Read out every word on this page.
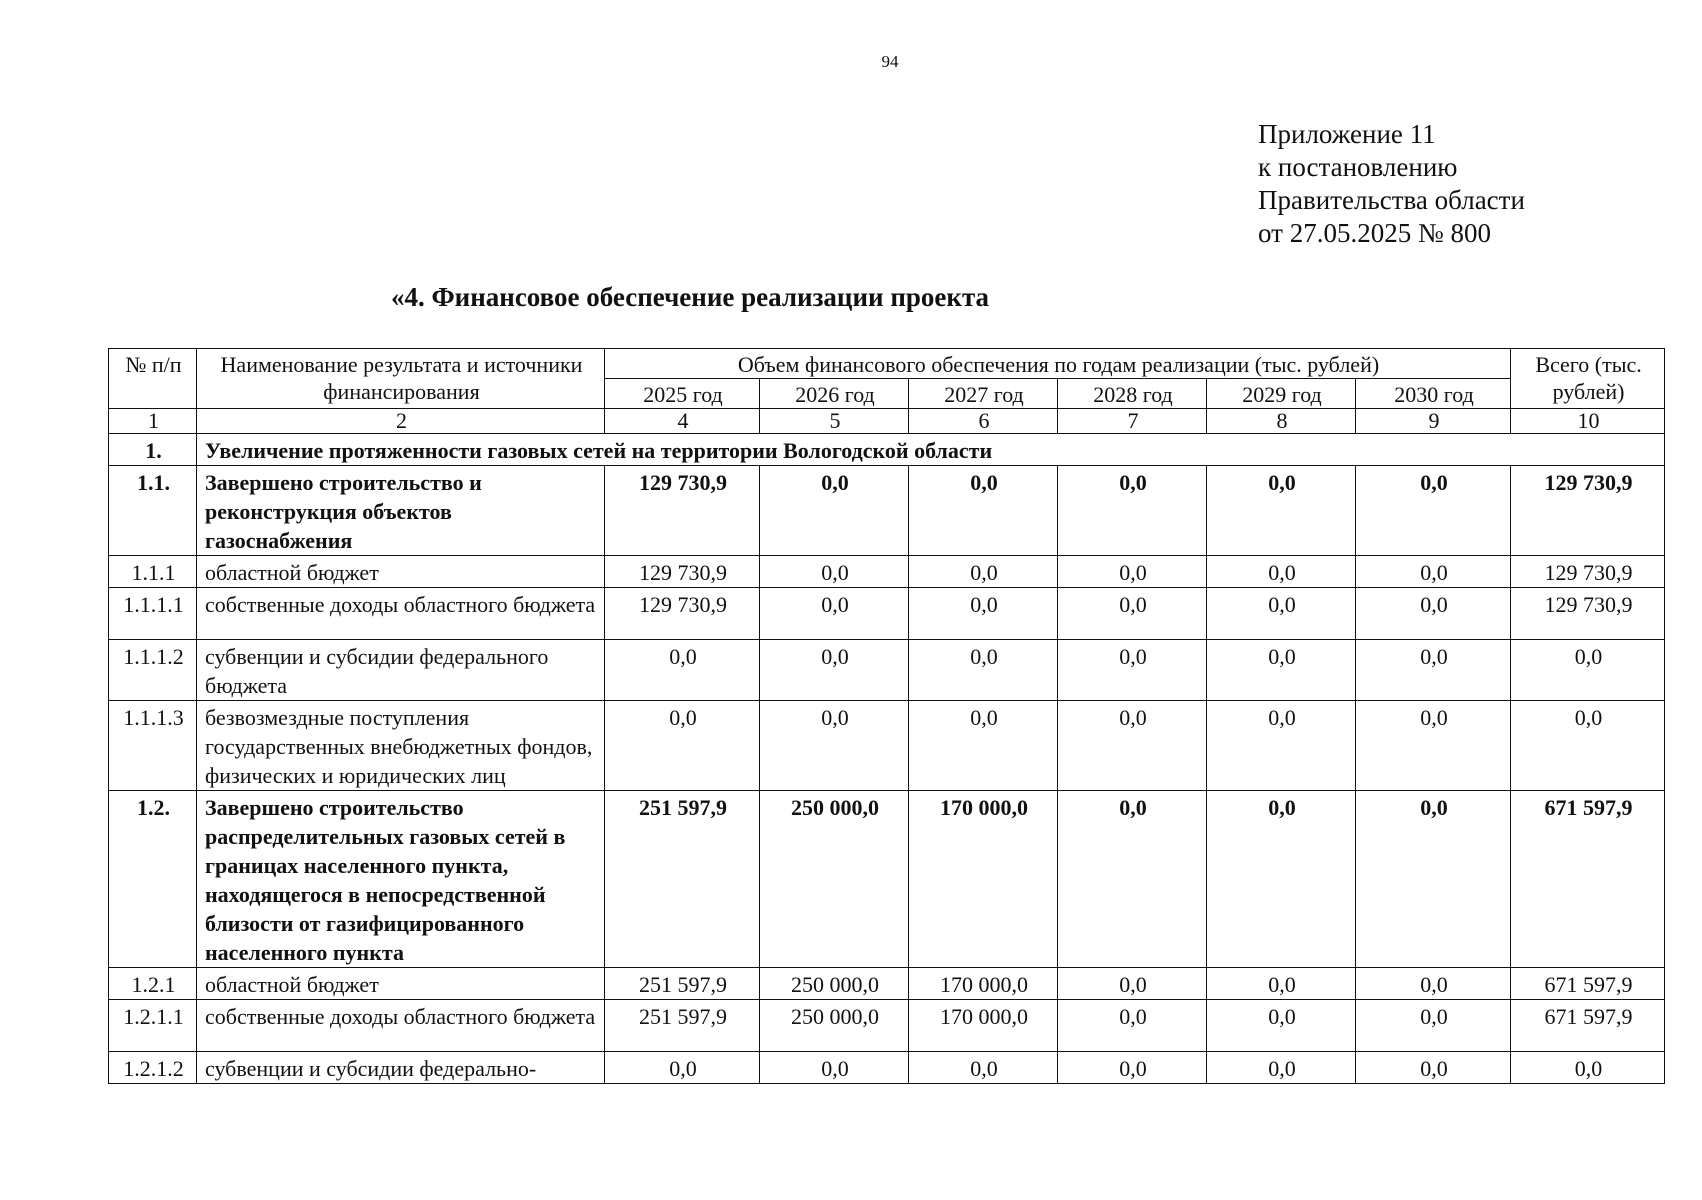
94
Приложение 11
к постановлению
Правительства области
от 27.05.2025 № 800
«4. Финансовое обеспечение реализации проекта
№ п/п	Наименование результата и источники финансирования	Объем финансового обеспечения по годам реализации (тыс. рублей)						Всего (тыс. рублей)
		2025 год	2026 год	2027 год	2028 год	2029 год	2030 год	
1	2	4	5	6	7	8	9	10
1.	Увеличение протяженности газовых сетей на территории Вологодской области							
1.1.	Завершено строительство и реконструкция объектов газоснабжения	129 730,9	0,0	0,0	0,0	0,0	0,0	129 730,9
1.1.1	областной бюджет	129 730,9	0,0	0,0	0,0	0,0	0,0	129 730,9
1.1.1.1	собственные доходы областного бюджета	129 730,9	0,0	0,0	0,0	0,0	0,0	129 730,9
1.1.1.2	субвенции и субсидии федерального бюджета	0,0	0,0	0,0	0,0	0,0	0,0	0,0
1.1.1.3	безвозмездные поступления государственных внебюджетных фондов, физических и юридических лиц	0,0	0,0	0,0	0,0	0,0	0,0	0,0
1.2.	Завершено строительство распределительных газовых сетей в границах населенного пункта, находящегося в непосредственной близости от газифицированного населенного пункта	251 597,9	250 000,0	170 000,0	0,0	0,0	0,0	671 597,9
1.2.1	областной бюджет	251 597,9	250 000,0	170 000,0	0,0	0,0	0,0	671 597,9
1.2.1.1	собственные доходы областного бюджета	251 597,9	250 000,0	170 000,0	0,0	0,0	0,0	671 597,9
1.2.1.2	субвенции и субсидии федерально-	0,0	0,0	0,0	0,0	0,0	0,0	0,0
